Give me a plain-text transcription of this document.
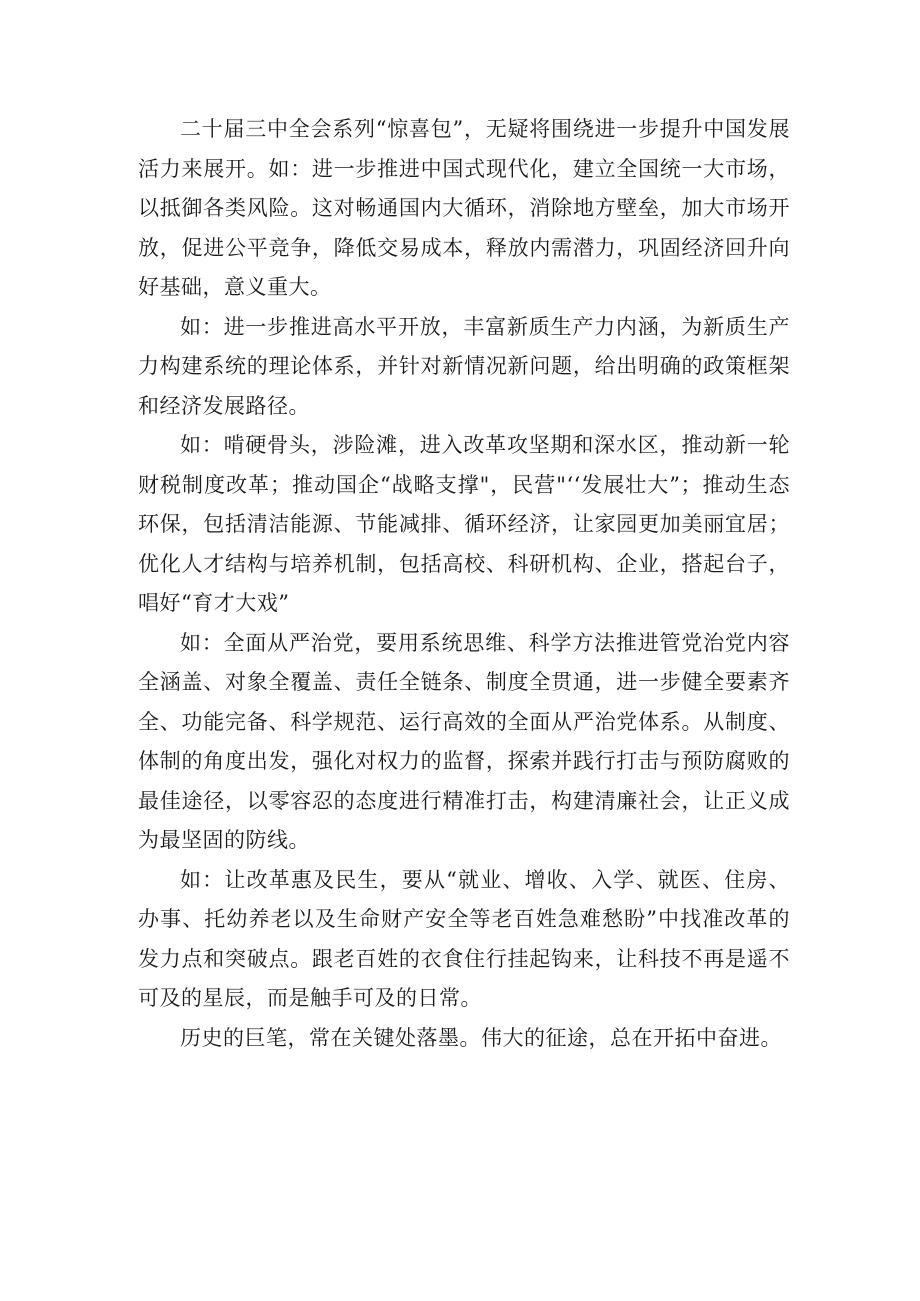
二十届三中全会系列“惊喜包”，无疑将围绕进一步提升中国发展活力来展开。如：进一步推进中国式现代化，建立全国统一大市场，以抵御各类风险。这对畅通国内大循环，消除地方壁垒，加大市场开放，促进公平竞争，降低交易成本，释放内需潜力，巩固经济回升向好基础，意义重大。

如：进一步推进高水平开放，丰富新质生产力内涵，为新质生产力构建系统的理论体系，并针对新情况新问题，给出明确的政策框架和经济发展路径。

如：啃硬骨头，涉险滩，进入改革攻坚期和深水区，推动新一轮财税制度改革；推动国企“战略支撑"，民营"‘‘发展壮大”；推动生态环保，包括清洁能源、节能减排、循环经济，让家园更加美丽宜居；优化人才结构与培养机制，包括高校、科研机构、企业，搭起台子，唱好“育才大戏”

如：全面从严治党，要用系统思维、科学方法推进管党治党内容全涵盖、对象全覆盖、责任全链条、制度全贯通，进一步健全要素齐全、功能完备、科学规范、运行高效的全面从严治党体系。从制度、体制的角度出发，强化对权力的监督，探索并践行打击与预防腐败的最佳途径，以零容忍的态度进行精准打击，构建清廉社会，让正义成为最坚固的防线。

如：让改革惠及民生，要从“就业、增收、入学、就医、住房、办事、托幼养老以及生命财产安全等老百姓急难愁盼”中找准改革的发力点和突破点。跟老百姓的衣食住行挂起钩来，让科技不再是遥不可及的星辰，而是触手可及的日常。

历史的巨笔，常在关键处落墨。伟大的征途，总在开拓中奋进。
